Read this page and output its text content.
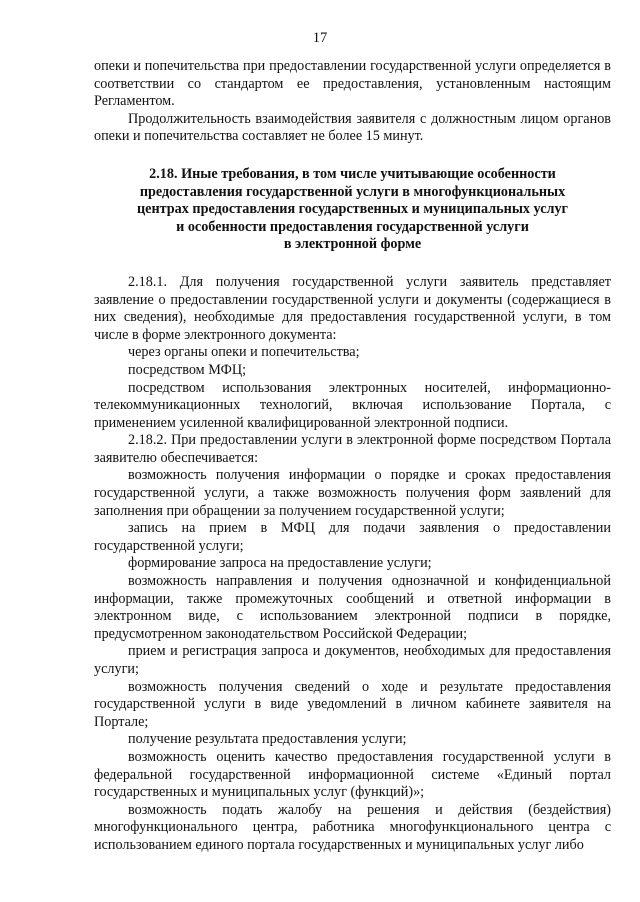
17

опеки и попечительства при предоставлении государственной услуги определяется в соответствии со стандартом ее предоставления, установленным настоящим Регламентом.

Продолжительность взаимодействия заявителя с должностным лицом органов опеки и попечительства составляет не более 15 минут.

2.18. Иные требования, в том числе учитывающие особенности
предоставления государственной услуги в многофункциональных
центрах предоставления государственных и муниципальных услуг
и особенности предоставления государственной услуги
в электронной форме

2.18.1. Для получения государственной услуги заявитель представляет заявление о предоставлении государственной услуги и документы (содержащиеся в них сведения), необходимые для предоставления государственной услуги, в том числе в форме электронного документа:

через органы опеки и попечительства;

посредством МФЦ;

посредством использования электронных носителей, информационно-телекоммуникационных технологий, включая использование Портала, с применением усиленной квалифицированной электронной подписи.

2.18.2. При предоставлении услуги в электронной форме посредством Портала заявителю обеспечивается:

возможность получения информации о порядке и сроках предоставления государственной услуги, а также возможность получения форм заявлений для заполнения при обращении за получением государственной услуги;

запись на прием в МФЦ для подачи заявления о предоставлении государственной услуги;

формирование запроса на предоставление услуги;

возможность направления и получения однозначной и конфиденциальной информации, также промежуточных сообщений и ответной информации в электронном виде, с использованием электронной подписи в порядке, предусмотренном законодательством Российской Федерации;

прием и регистрация запроса и документов, необходимых для предоставления услуги;

возможность получения сведений о ходе и результате предоставления государственной услуги в виде уведомлений в личном кабинете заявителя на Портале;

получение результата предоставления услуги;

возможность оценить качество предоставления государственной услуги в федеральной государственной информационной системе «Единый портал государственных и муниципальных услуг (функций)»;

возможность подать жалобу на решения и действия (бездействия) многофункционального центра, работника многофункционального центра с использованием единого портала государственных и муниципальных услуг либо
